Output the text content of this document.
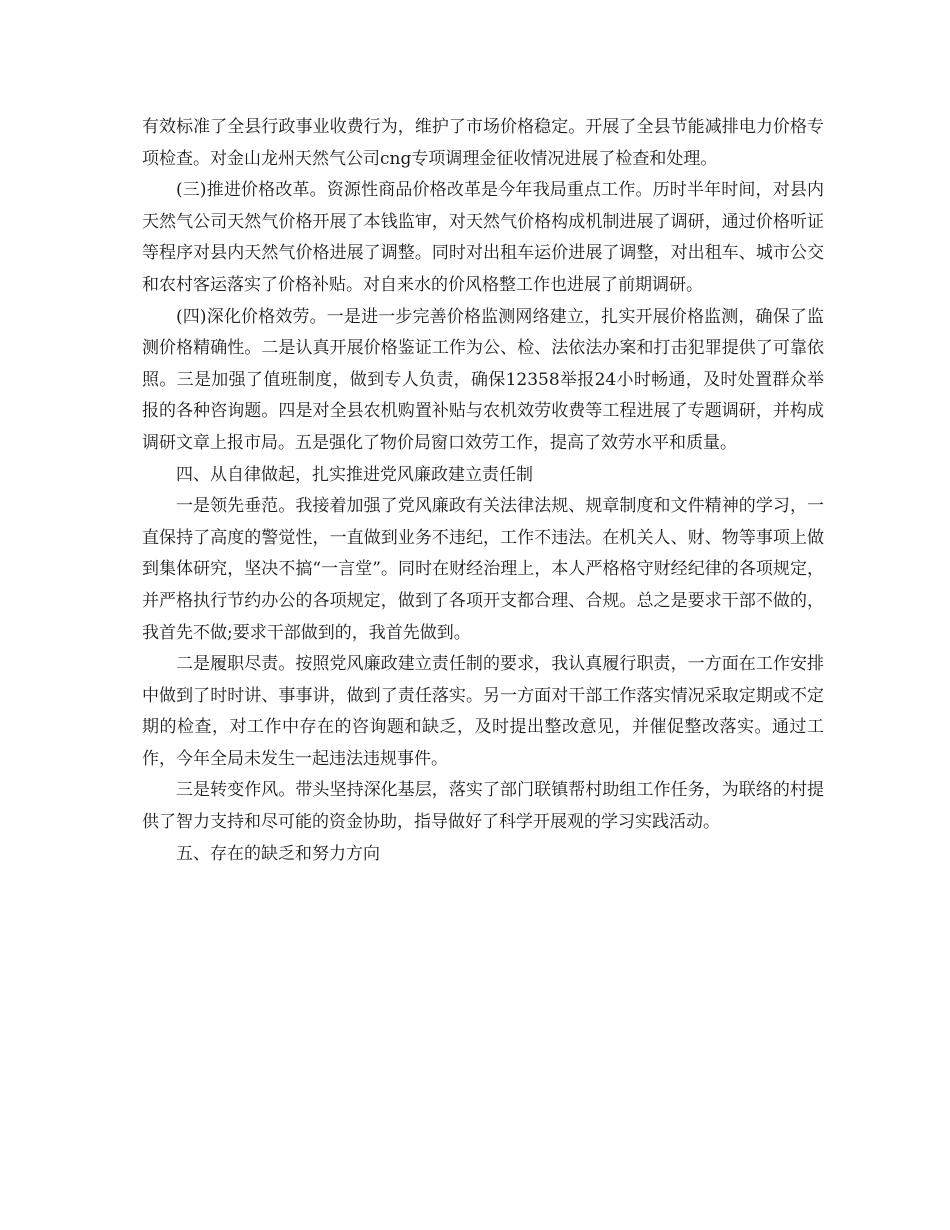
有效标准了全县行政事业收费行为，维护了市场价格稳定。开展了全县节能减排电力价格专项检查。对金山龙州天然气公司cng专项调理金征收情况进展了检查和处理。

(三)推进价格改革。资源性商品价格改革是今年我局重点工作。历时半年时间，对县内天然气公司天然气价格开展了本钱监审，对天然气价格构成机制进展了调研，通过价格听证等程序对县内天然气价格进展了调整。同时对出租车运价进展了调整，对出租车、城市公交和农村客运落实了价格补贴。对自来水的价风格整工作也进展了前期调研。

(四)深化价格效劳。一是进一步完善价格监测网络建立，扎实开展价格监测，确保了监测价格精确性。二是认真开展价格鉴证工作为公、检、法依法办案和打击犯罪提供了可靠依照。三是加强了值班制度，做到专人负责，确保12358举报24小时畅通，及时处置群众举报的各种咨询题。四是对全县农机购置补贴与农机效劳收费等工程进展了专题调研，并构成调研文章上报市局。五是强化了物价局窗口效劳工作，提高了效劳水平和质量。

四、从自律做起，扎实推进党风廉政建立责任制

一是领先垂范。我接着加强了党风廉政有关法律法规、规章制度和文件精神的学习，一直保持了高度的警觉性，一直做到业务不违纪，工作不违法。在机关人、财、物等事项上做到集体研究，坚决不搞“一言堂”。同时在财经治理上，本人严格格守财经纪律的各项规定，并严格执行节约办公的各项规定，做到了各项开支都合理、合规。总之是要求干部不做的，我首先不做;要求干部做到的，我首先做到。

二是履职尽责。按照党风廉政建立责任制的要求，我认真履行职责，一方面在工作安排中做到了时时讲、事事讲，做到了责任落实。另一方面对干部工作落实情况采取定期或不定期的检查，对工作中存在的咨询题和缺乏，及时提出整改意见，并催促整改落实。通过工作，今年全局未发生一起违法违规事件。

三是转变作风。带头坚持深化基层，落实了部门联镇帮村助组工作任务，为联络的村提供了智力支持和尽可能的资金协助，指导做好了科学开展观的学习实践活动。

五、存在的缺乏和努力方向
